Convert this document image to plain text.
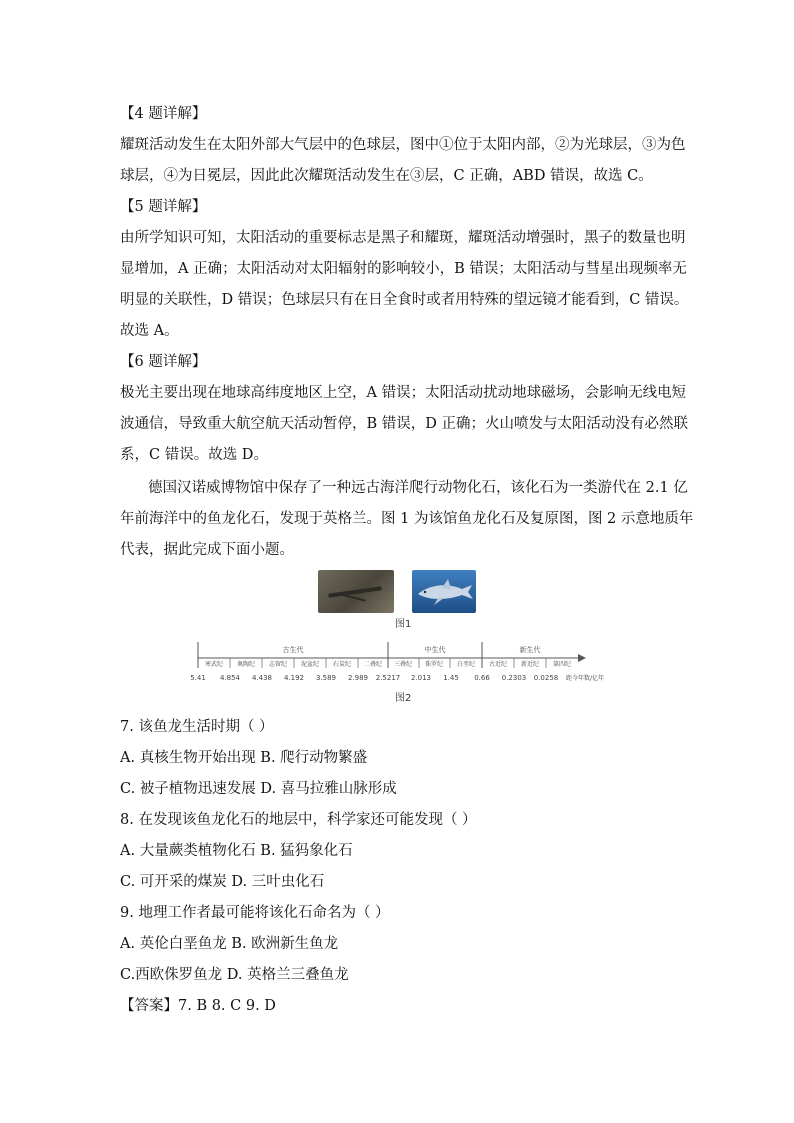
【4 题详解】
耀斑活动发生在太阳外部大气层中的色球层，图中①位于太阳内部，②为光球层，③为色
球层，④为日冕层，因此此次耀斑活动发生在③层，C 正确，ABD 错误，故选 C。
【5 题详解】
由所学知识可知，太阳活动的重要标志是黑子和耀斑，耀斑活动增强时，黑子的数量也明
显增加，A 正确；太阳活动对太阳辐射的影响较小，B 错误；太阳活动与彗星出现频率无
明显的关联性，D 错误；色球层只有在日全食时或者用特殊的望远镜才能看到，C 错误。
故选 A。
【6 题详解】
极光主要出现在地球高纬度地区上空，A 错误；太阳活动扰动地球磁场，会影响无线电短
波通信，导致重大航空航天活动暂停，B 错误，D 正确；火山喷发与太阳活动没有必然联
系，C 错误。故选 D。
德国汉诺威博物馆中保存了一种远古海洋爬行动物化石，该化石为一类游代在 2.1 亿
年前海洋中的鱼龙化石，发现于英格兰。图 1 为该馆鱼龙化石及复原图，图 2 示意地质年
代表，据此完成下面小题。
图1
古生代	中生代	新生代
寒武纪 奥陶纪 志留纪 泥盆纪 石炭纪 二叠纪 三叠纪 侏罗纪 白垩纪 古近纪 新近纪 第四纪
5.41 4.854 4.438 4.192 3.589 2.989 2.5217 2.013 1.45 0.66 0.2303 0.0258 距今年数/亿年
图2
7. 该鱼龙生活时期（ ）
A. 真核生物开始出现 B. 爬行动物繁盛
C. 被子植物迅速发展 D. 喜马拉雅山脉形成
8. 在发现该鱼龙化石的地层中，科学家还可能发现（ ）
A. 大量蕨类植物化石 B. 猛犸象化石
C. 可开采的煤炭 D. 三叶虫化石
9. 地理工作者最可能将该化石命名为（ ）
A. 英伦白垩鱼龙 B. 欧洲新生鱼龙
C.西欧侏罗鱼龙 D. 英格兰三叠鱼龙
【答案】7. B 8. C 9. D
